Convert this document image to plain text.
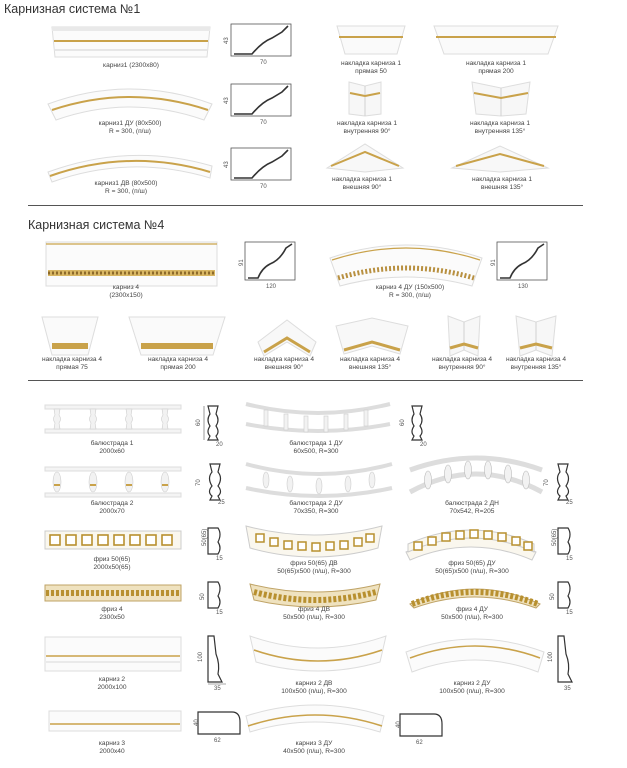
Карнизная система №1
карниз1 (2300х80)
43
70	накладка карниза 1
прямая 50
накладка карниза 1
прямая 200
карниз1 ДУ (80х500)
R = 300, (п/ш)
43
70	накладка карниза 1
внутренняя 90°
накладка карниза 1
внутренняя 135°
карниз1 ДВ (80х500)
R = 300, (п/ш)
43
70
накладка карниза 1
внешняя 90°
накладка карниза 1
внешняя 135°
Карнизная система №4
карниз 4
(2300х150)
91
120	карниз 4 ДУ (150х500)
R = 300, (п/ш)
91
130
накладка карниза 4
прямая 75
накладка карниза 4
прямая 200
накладка карниза 4
внешняя 90°
накладка карниза 4
внешняя 135°
накладка карниза 4
внутренняя 90°
накладка карниза 4
внутренняя 135°
балюстрада 1
2000х60
60
20	балюстрада 1 ДУ
60х500, R=300
60
20
балюстрада 2
2000х70
70
25	балюстрада 2 ДУ
70х350, R=300
балюстрада 2 ДН
70х542, R=205
70
25
фриз 50(65)
2000х50(65)
50(65)
15
фриз 50(65) ДВ
50(65)х500 (п/ш), R=300
фриз 50(65) ДУ
50(65)х500 (п/ш), R=300
50(65)
15
фриз 4
2300х50
50
15	фриз 4 ДВ
50х500 (п/ш), R=300
фриз 4 ДУ
50х500 (п/ш), R=300
50
15
карниз 2
2000х100
100
35
карниз 2 ДВ
100х500 (п/ш), R=300
карниз 2 ДУ
100х500 (п/ш), R=300
100
35
карниз 3
2000х40
40
62	карниз 3 ДУ
40х500 (п/ш), R=300
40
62
